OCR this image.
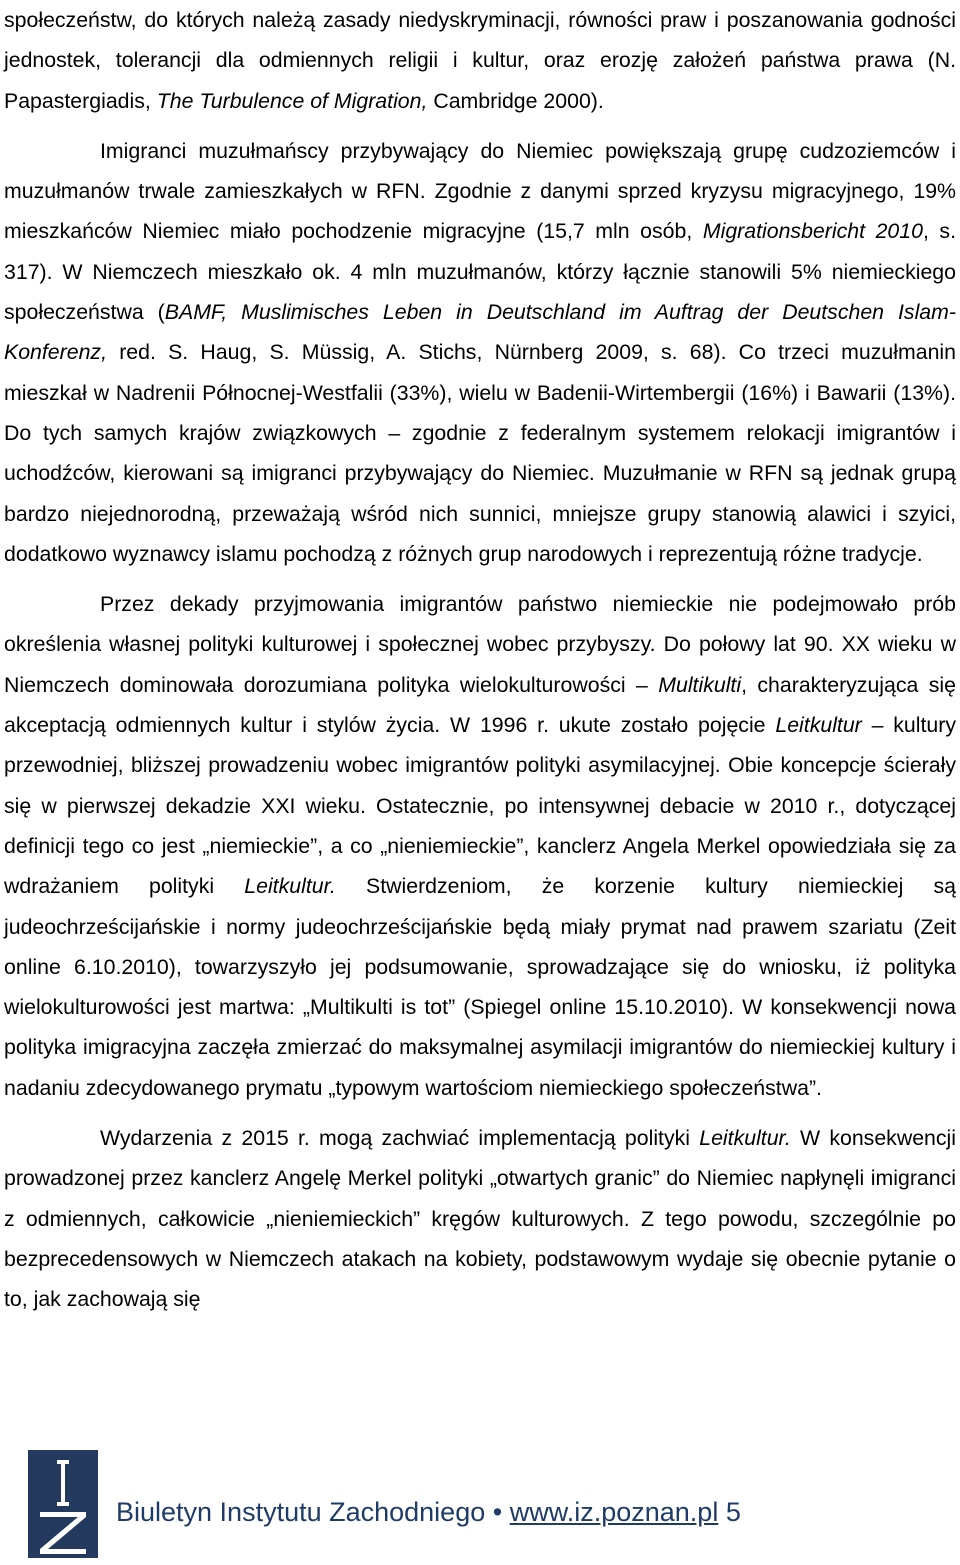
społeczeństw, do których należą zasady niedyskryminacji, równości praw i poszanowania godności jednostek, tolerancji dla odmiennych religii i kultur, oraz erozję założeń państwa prawa (N. Papastergiadis, The Turbulence of Migration, Cambridge 2000).

Imigranci muzułmańscy przybywający do Niemiec powiększają grupę cudzoziemców i muzułmanów trwale zamieszkałych w RFN. Zgodnie z danymi sprzed kryzysu migracyjnego, 19% mieszkańców Niemiec miało pochodzenie migracyjne (15,7 mln osób, Migrationsbericht 2010, s. 317). W Niemczech mieszkało ok. 4 mln muzułmanów, którzy łącznie stanowili 5% niemieckiego społeczeństwa (BAMF, Muslimisches Leben in Deutschland im Auftrag der Deutschen Islam-Konferenz, red. S. Haug, S. Müssig, A. Stichs, Nürnberg 2009, s. 68). Co trzeci muzułmanin mieszkał w Nadrenii Północnej-Westfalii (33%), wielu w Badenii-Wirtembergii (16%) i Bawarii (13%). Do tych samych krajów związkowych – zgodnie z federalnym systemem relokacji imigrantów i uchodźców, kierowani są imigranci przybywający do Niemiec. Muzułmanie w RFN są jednak grupą bardzo niejednorodną, przeważają wśród nich sunnici, mniejsze grupy stanowią alawici i szyici, dodatkowo wyznawcy islamu pochodzą z różnych grup narodowych i reprezentują różne tradycje.

Przez dekady przyjmowania imigrantów państwo niemieckie nie podejmowało prób określenia własnej polityki kulturowej i społecznej wobec przybyszy. Do połowy lat 90. XX wieku w Niemczech dominowała dorozumiana polityka wielokulturowości – Multikulti, charakteryzująca się akceptacją odmiennych kultur i stylów życia. W 1996 r. ukute zostało pojęcie Leitkultur – kultury przewodniej, bliższej prowadzeniu wobec imigrantów polityki asymilacyjnej. Obie koncepcje ścierały się w pierwszej dekadzie XXI wieku. Ostatecznie, po intensywnej debacie w 2010 r., dotyczącej definicji tego co jest „niemieckie”, a co „nieniemieckie”, kanclerz Angela Merkel opowiedziała się za wdrażaniem polityki Leitkultur. Stwierdzeniom, że korzenie kultury niemieckiej są judeochrześcijańskie i normy judeochrześcijańskie będą miały prymat nad prawem szariatu (Zeit online 6.10.2010), towarzyszyło jej podsumowanie, sprowadzające się do wniosku, iż polityka wielokulturowości jest martwa: „Multikulti is tot” (Spiegel online 15.10.2010). W konsekwencji nowa polityka imigracyjna zaczęła zmierzać do maksymalnej asymilacji imigrantów do niemieckiej kultury i nadaniu zdecydowanego prymatu „typowym wartościom niemieckiego społeczeństwa”.

Wydarzenia z 2015 r. mogą zachwiać implementacją polityki Leitkultur. W konsekwencji prowadzonej przez kanclerz Angelę Merkel polityki „otwartych granic” do Niemiec napłynęli imigranci z odmiennych, całkowicie „nieniemieckich” kręgów kulturowych. Z tego powodu, szczególnie po bezprecedensowych w Niemczech atakach na kobiety, podstawowym wydaje się obecnie pytanie o to, jak zachowają się

Biuletyn Instytutu Zachodniego • www.iz.poznan.pl 5
